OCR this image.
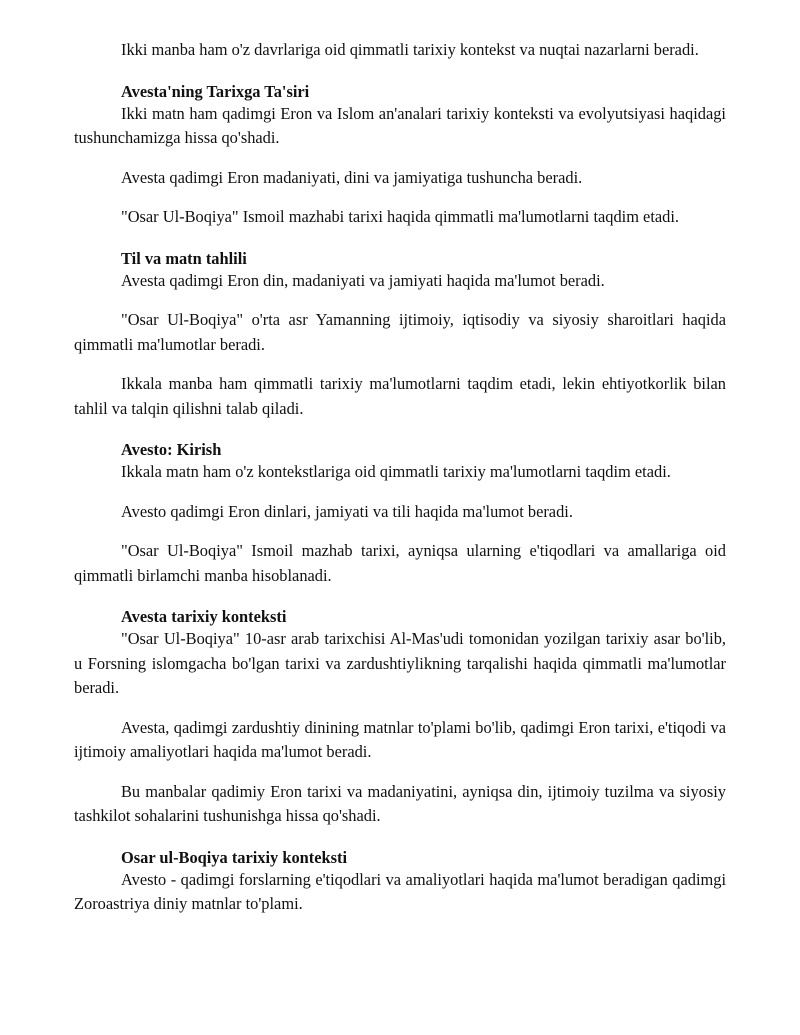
Ikki manba ham o'z davrlariga oid qimmatli tarixiy kontekst va nuqtai nazarlarni beradi.

Avesta'ning Tarixga Ta'siri

Ikki matn ham qadimgi Eron va Islom an'analari tarixiy konteksti va evolyutsiyasi haqidagi tushunchamizga hissa qo'shadi.

Avesta qadimgi Eron madaniyati, dini va jamiyatiga tushuncha beradi.

"Osar Ul-Boqiya" Ismoil mazhabi tarixi haqida qimmatli ma'lumotlarni taqdim etadi.

Til va matn tahlili

Avesta qadimgi Eron din, madaniyati va jamiyati haqida ma'lumot beradi.

"Osar Ul-Boqiya" o'rta asr Yamanning ijtimoiy, iqtisodiy va siyosiy sharoitlari haqida qimmatli ma'lumotlar beradi.

Ikkala manba ham qimmatli tarixiy ma'lumotlarni taqdim etadi, lekin ehtiyotkorlik bilan tahlil va talqin qilishni talab qiladi.

Avesto: Kirish

Ikkala matn ham o'z kontekstlariga oid qimmatli tarixiy ma'lumotlarni taqdim etadi.

Avesto qadimgi Eron dinlari, jamiyati va tili haqida ma'lumot beradi.

"Osar Ul-Boqiya" Ismoil mazhab tarixi, ayniqsa ularning e'tiqodlari va amallariga oid qimmatli birlamchi manba hisoblanadi.

Avesta tarixiy konteksti

"Osar Ul-Boqiya" 10-asr arab tarixchisi Al-Mas'udi tomonidan yozilgan tarixiy asar bo'lib, u Forsning islomgacha bo'lgan tarixi va zardushtiylikning tarqalishi haqida qimmatli ma'lumotlar beradi.

Avesta, qadimgi zardushtiy dinining matnlar to'plami bo'lib, qadimgi Eron tarixi, e'tiqodi va ijtimoiy amaliyotlari haqida ma'lumot beradi.

Bu manbalar qadimiy Eron tarixi va madaniyatini, ayniqsa din, ijtimoiy tuzilma va siyosiy tashkilot sohalarini tushunishga hissa qo'shadi.

Osar ul-Boqiya tarixiy konteksti

Avesto - qadimgi forslarning e'tiqodlari va amaliyotlari haqida ma'lumot beradigan qadimgi Zoroastriya diniy matnlar to'plami.
